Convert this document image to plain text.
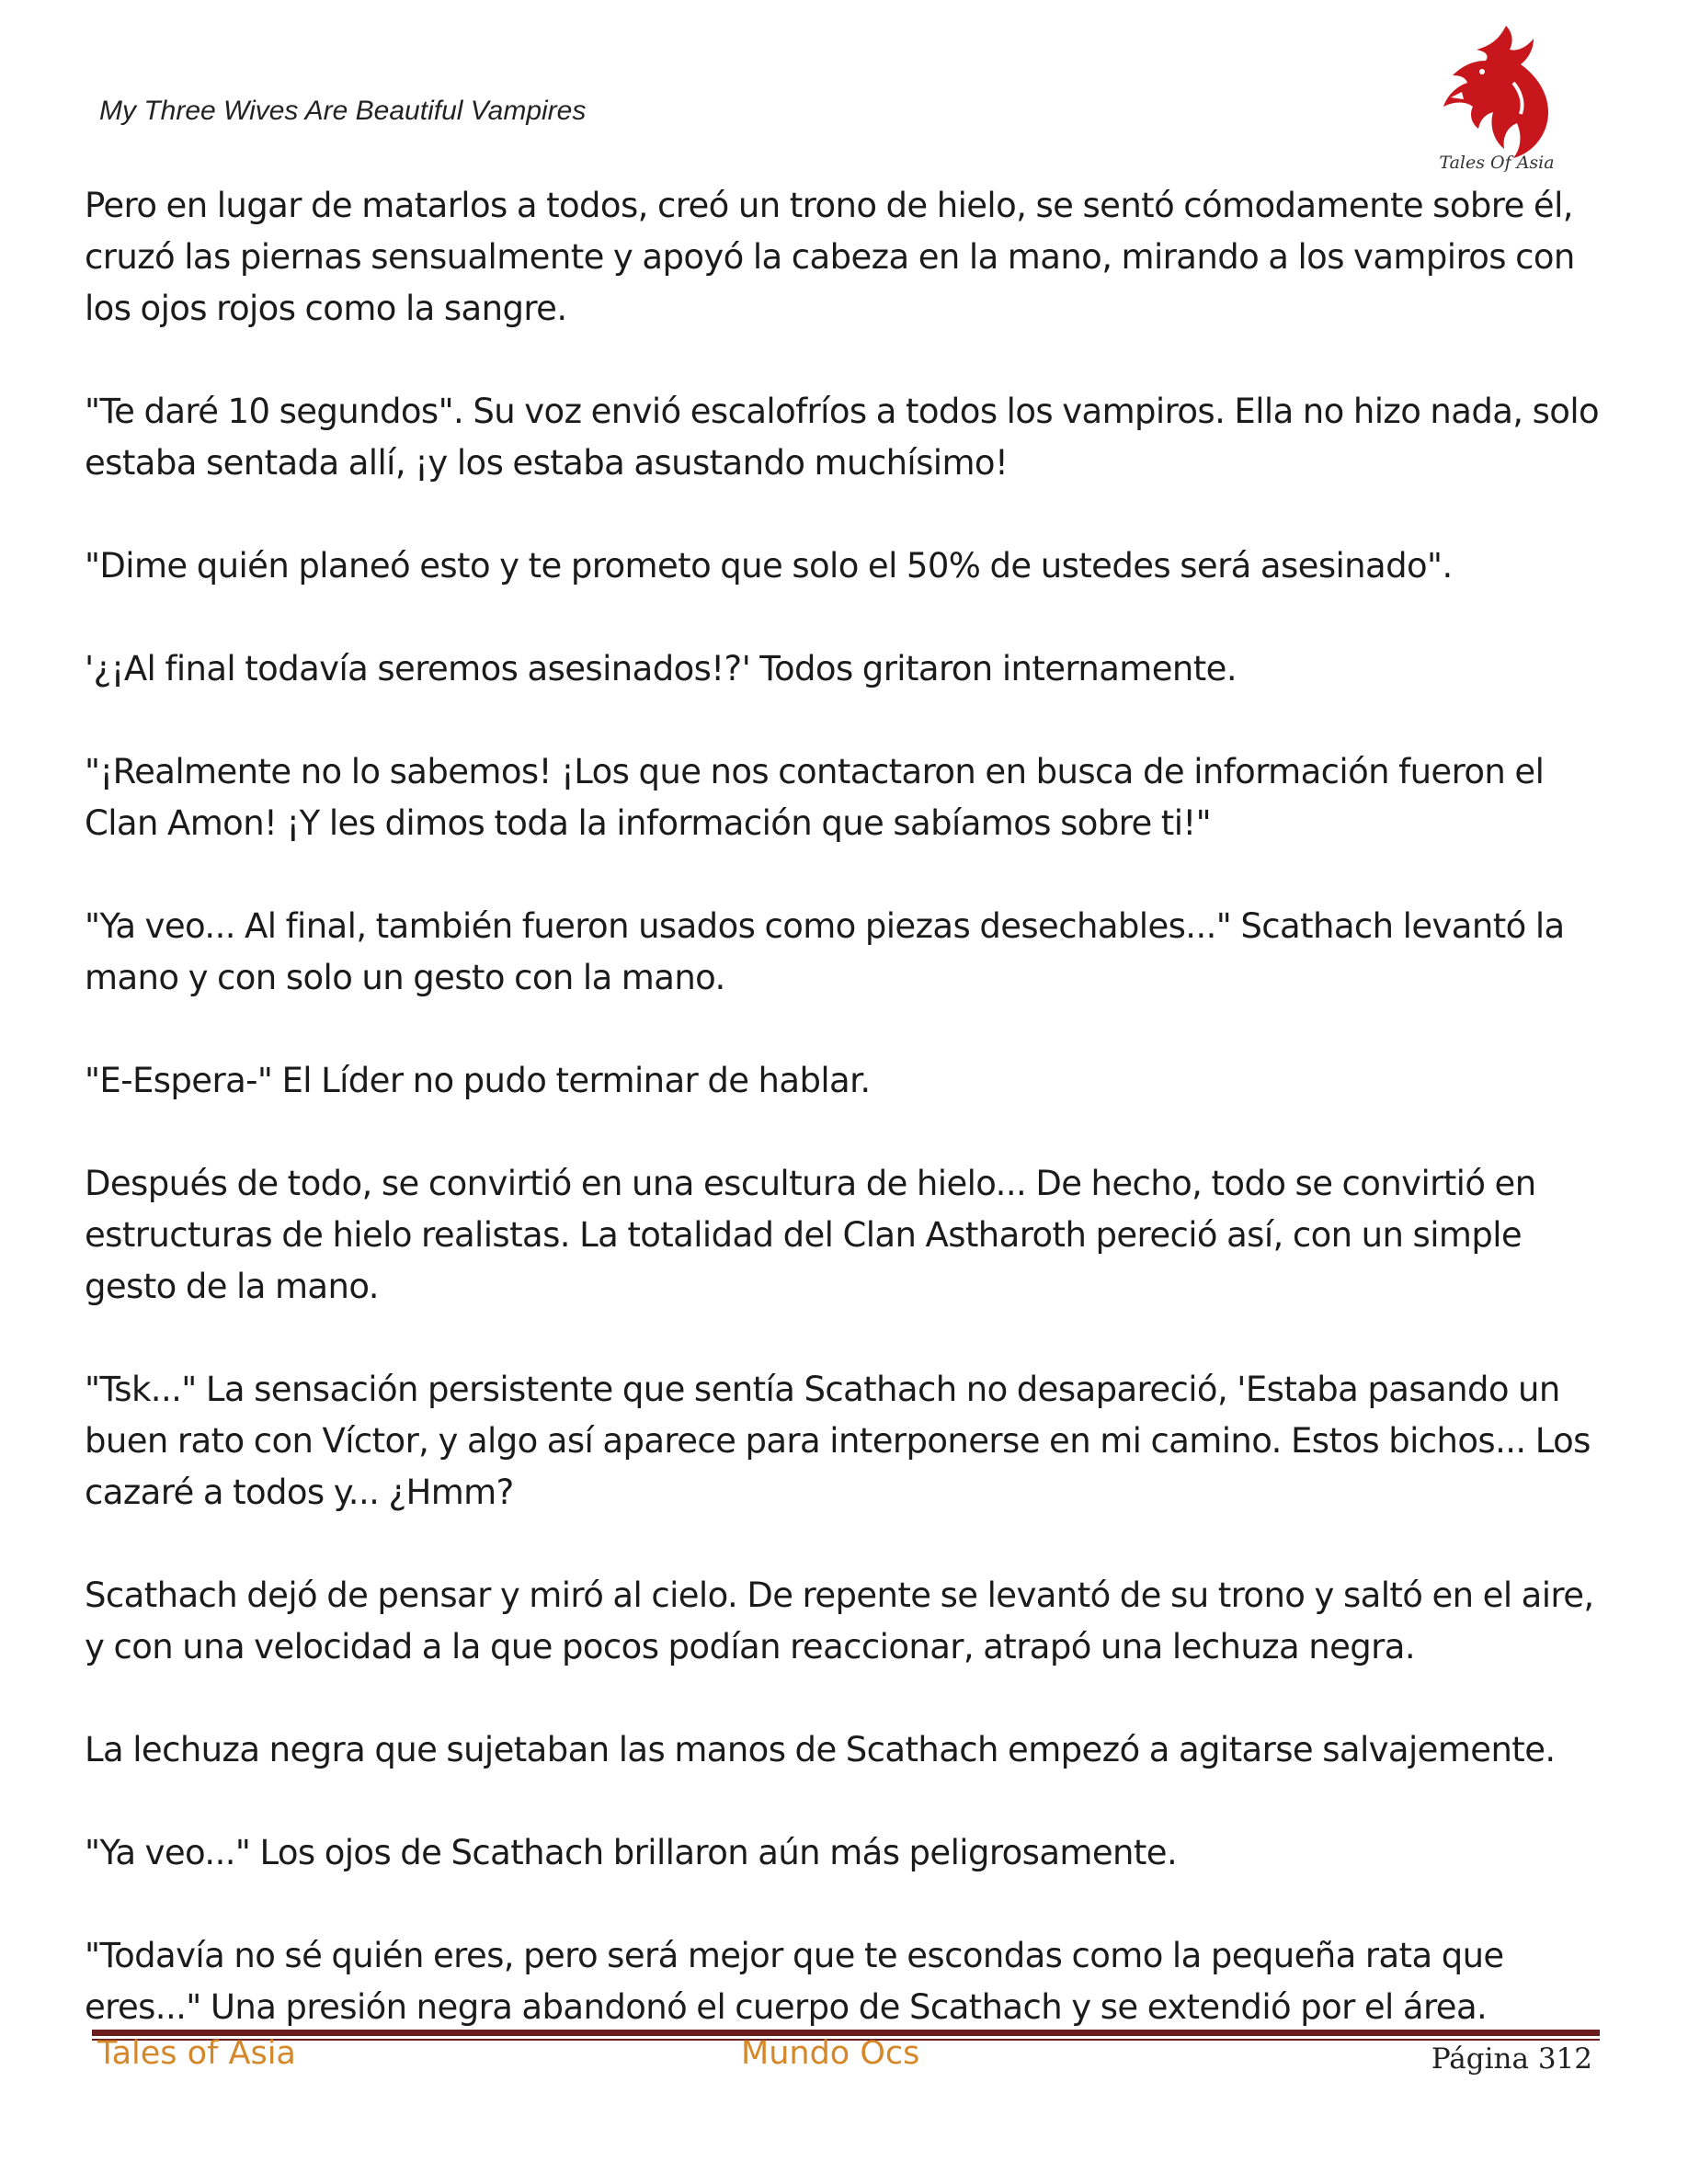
My Three Wives Are Beautiful Vampires
Tales Of Asia

Pero en lugar de matarlos a todos, creó un trono de hielo, se sentó cómodamente sobre él, cruzó las piernas sensualmente y apoyó la cabeza en la mano, mirando a los vampiros con los ojos rojos como la sangre.

"Te daré 10 segundos". Su voz envió escalofríos a todos los vampiros. Ella no hizo nada, solo estaba sentada allí, ¡y los estaba asustando muchísimo!

"Dime quién planeó esto y te prometo que solo el 50% de ustedes será asesinado".

'¿¡Al final todavía seremos asesinados!?' Todos gritaron internamente.

"¡Realmente no lo sabemos! ¡Los que nos contactaron en busca de información fueron el Clan Amon! ¡Y les dimos toda la información que sabíamos sobre ti!"

"Ya veo... Al final, también fueron usados como piezas desechables..." Scathach levantó la mano y con solo un gesto con la mano.

"E-Espera-" El Líder no pudo terminar de hablar.

Después de todo, se convirtió en una escultura de hielo... De hecho, todo se convirtió en estructuras de hielo realistas. La totalidad del Clan Astharoth pereció así, con un simple gesto de la mano.

"Tsk..." La sensación persistente que sentía Scathach no desapareció, 'Estaba pasando un buen rato con Víctor, y algo así aparece para interponerse en mi camino. Estos bichos... Los cazaré a todos y... ¿Hmm?

Scathach dejó de pensar y miró al cielo. De repente se levantó de su trono y saltó en el aire, y con una velocidad a la que pocos podían reaccionar, atrapó una lechuza negra.

La lechuza negra que sujetaban las manos de Scathach empezó a agitarse salvajemente.

"Ya veo..." Los ojos de Scathach brillaron aún más peligrosamente.

"Todavía no sé quién eres, pero será mejor que te escondas como la pequeña rata que eres..." Una presión negra abandonó el cuerpo de Scathach y se extendió por el área.

Tales of Asia	Mundo Ocs	Página 312
